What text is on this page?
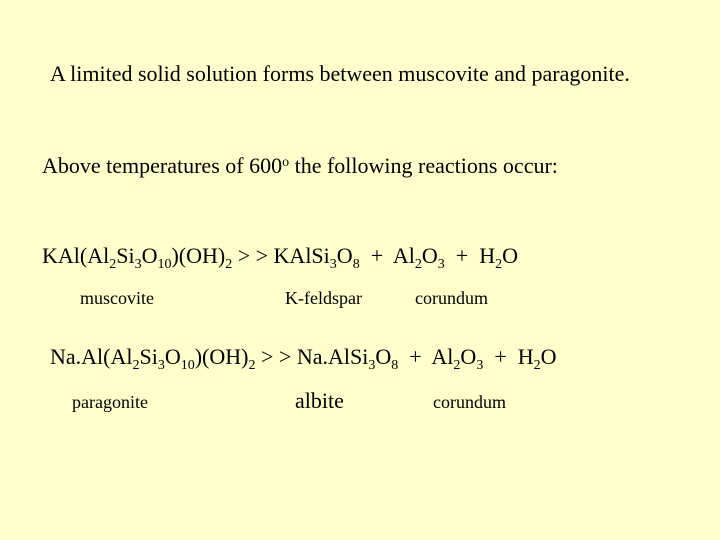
A limited solid solution forms between muscovite and paragonite.
Above temperatures of 600$^o$ the following reactions occur:
$KAl(Al_2Si_3O_{10})(OH)_2$ > > $KAlSi_3O_8 + Al_2O_3 + H_2O$
muscovite	K-feldspar	corundum
$Na.Al(Al_2Si_3O_{10})(OH)_2$ > > $Na.AlSi_3O_8 + Al_2O_3 + H_2O$
paragonite	albite	corundum
